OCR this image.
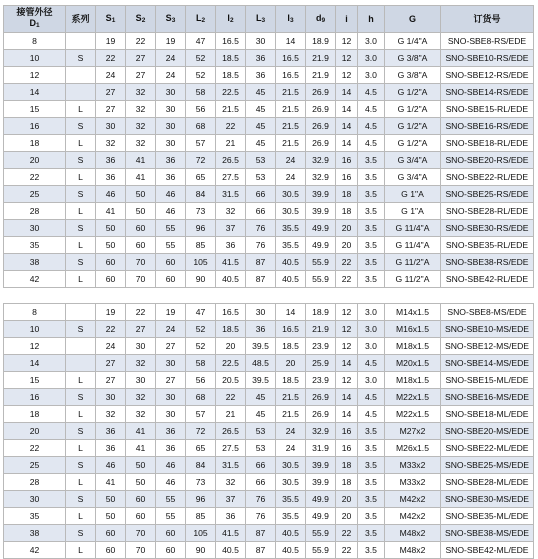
接管外径
D1	系列	S1	S2	S3	L2	l2	L3	l3	d9	i	h	G	订货号
8		19	22	19	47	16.5	30	14	18.9	12	3.0	G 1/4"A	SNO-SBE8-RS/EDE
10	S	22	27	24	52	18.5	36	16.5	21.9	12	3.0	G 3/8"A	SNO-SBE10-RS/EDE
12		24	27	24	52	18.5	36	16.5	21.9	12	3.0	G 3/8"A	SNO-SBE12-RS/EDE
14		27	32	30	58	22.5	45	21.5	26.9	14	4.5	G 1/2"A	SNO-SBE14-RS/EDE
15	L	27	32	30	56	21.5	45	21.5	26.9	14	4.5	G 1/2"A	SNO-SBE15-RL/EDE
16	S	30	32	30	68	22	45	21.5	26.9	14	4.5	G 1/2"A	SNO-SBE16-RS/EDE
18	L	32	32	30	57	21	45	21.5	26.9	14	4.5	G 1/2"A	SNO-SBE18-RL/EDE
20	S	36	41	36	72	26.5	53	24	32.9	16	3.5	G 3/4"A	SNO-SBE20-RS/EDE
22	L	36	41	36	65	27.5	53	24	32.9	16	3.5	G 3/4"A	SNO-SBE22-RL/EDE
25	S	46	50	46	84	31.5	66	30.5	39.9	18	3.5	G 1"A	SNO-SBE25-RS/EDE
28	L	41	50	46	73	32	66	30.5	39.9	18	3.5	G 1"A	SNO-SBE28-RL/EDE
30	S	50	60	55	96	37	76	35.5	49.9	20	3.5	G 11/4"A	SNO-SBE30-RS/EDE
35	L	50	60	55	85	36	76	35.5	49.9	20	3.5	G 11/4"A	SNO-SBE35-RL/EDE
38	S	60	70	60	105	41.5	87	40.5	55.9	22	3.5	G 11/2"A	SNO-SBE38-RS/EDE
42	L	60	70	60	90	40.5	87	40.5	55.9	22	3.5	G 11/2"A	SNO-SBE42-RL/EDE

8		19	22	19	47	16.5	30	14	18.9	12	3.0	M14x1.5	SNO-SBE8-MS/EDE
10	S	22	27	24	52	18.5	36	16.5	21.9	12	3.0	M16x1.5	SNO-SBE10-MS/EDE
12		24	30	27	52	20	39.5	18.5	23.9	12	3.0	M18x1.5	SNO-SBE12-MS/EDE
14		27	32	30	58	22.5	48.5	20	25.9	14	4.5	M20x1.5	SNO-SBE14-MS/EDE
15	L	27	30	27	56	20.5	39.5	18.5	23.9	12	3.0	M18x1.5	SNO-SBE15-ML/EDE
16	S	30	32	30	68	22	45	21.5	26.9	14	4.5	M22x1.5	SNO-SBE16-MS/EDE
18	L	32	32	30	57	21	45	21.5	26.9	14	4.5	M22x1.5	SNO-SBE18-ML/EDE
20	S	36	41	36	72	26.5	53	24	32.9	16	3.5	M27x2	SNO-SBE20-MS/EDE
22	L	36	41	36	65	27.5	53	24	31.9	16	3.5	M26x1.5	SNO-SBE22-ML/EDE
25	S	46	50	46	84	31.5	66	30.5	39.9	18	3.5	M33x2	SNO-SBE25-MS/EDE
28	L	41	50	46	73	32	66	30.5	39.9	18	3.5	M33x2	SNO-SBE28-ML/EDE
30	S	50	60	55	96	37	76	35.5	49.9	20	3.5	M42x2	SNO-SBE30-MS/EDE
35	L	50	60	55	85	36	76	35.5	49.9	20	3.5	M42x2	SNO-SBE35-ML/EDE
38	S	60	70	60	105	41.5	87	40.5	55.9	22	3.5	M48x2	SNO-SBE38-MS/EDE
42	L	60	70	60	90	40.5	87	40.5	55.9	22	3.5	M48x2	SNO-SBE42-ML/EDE
